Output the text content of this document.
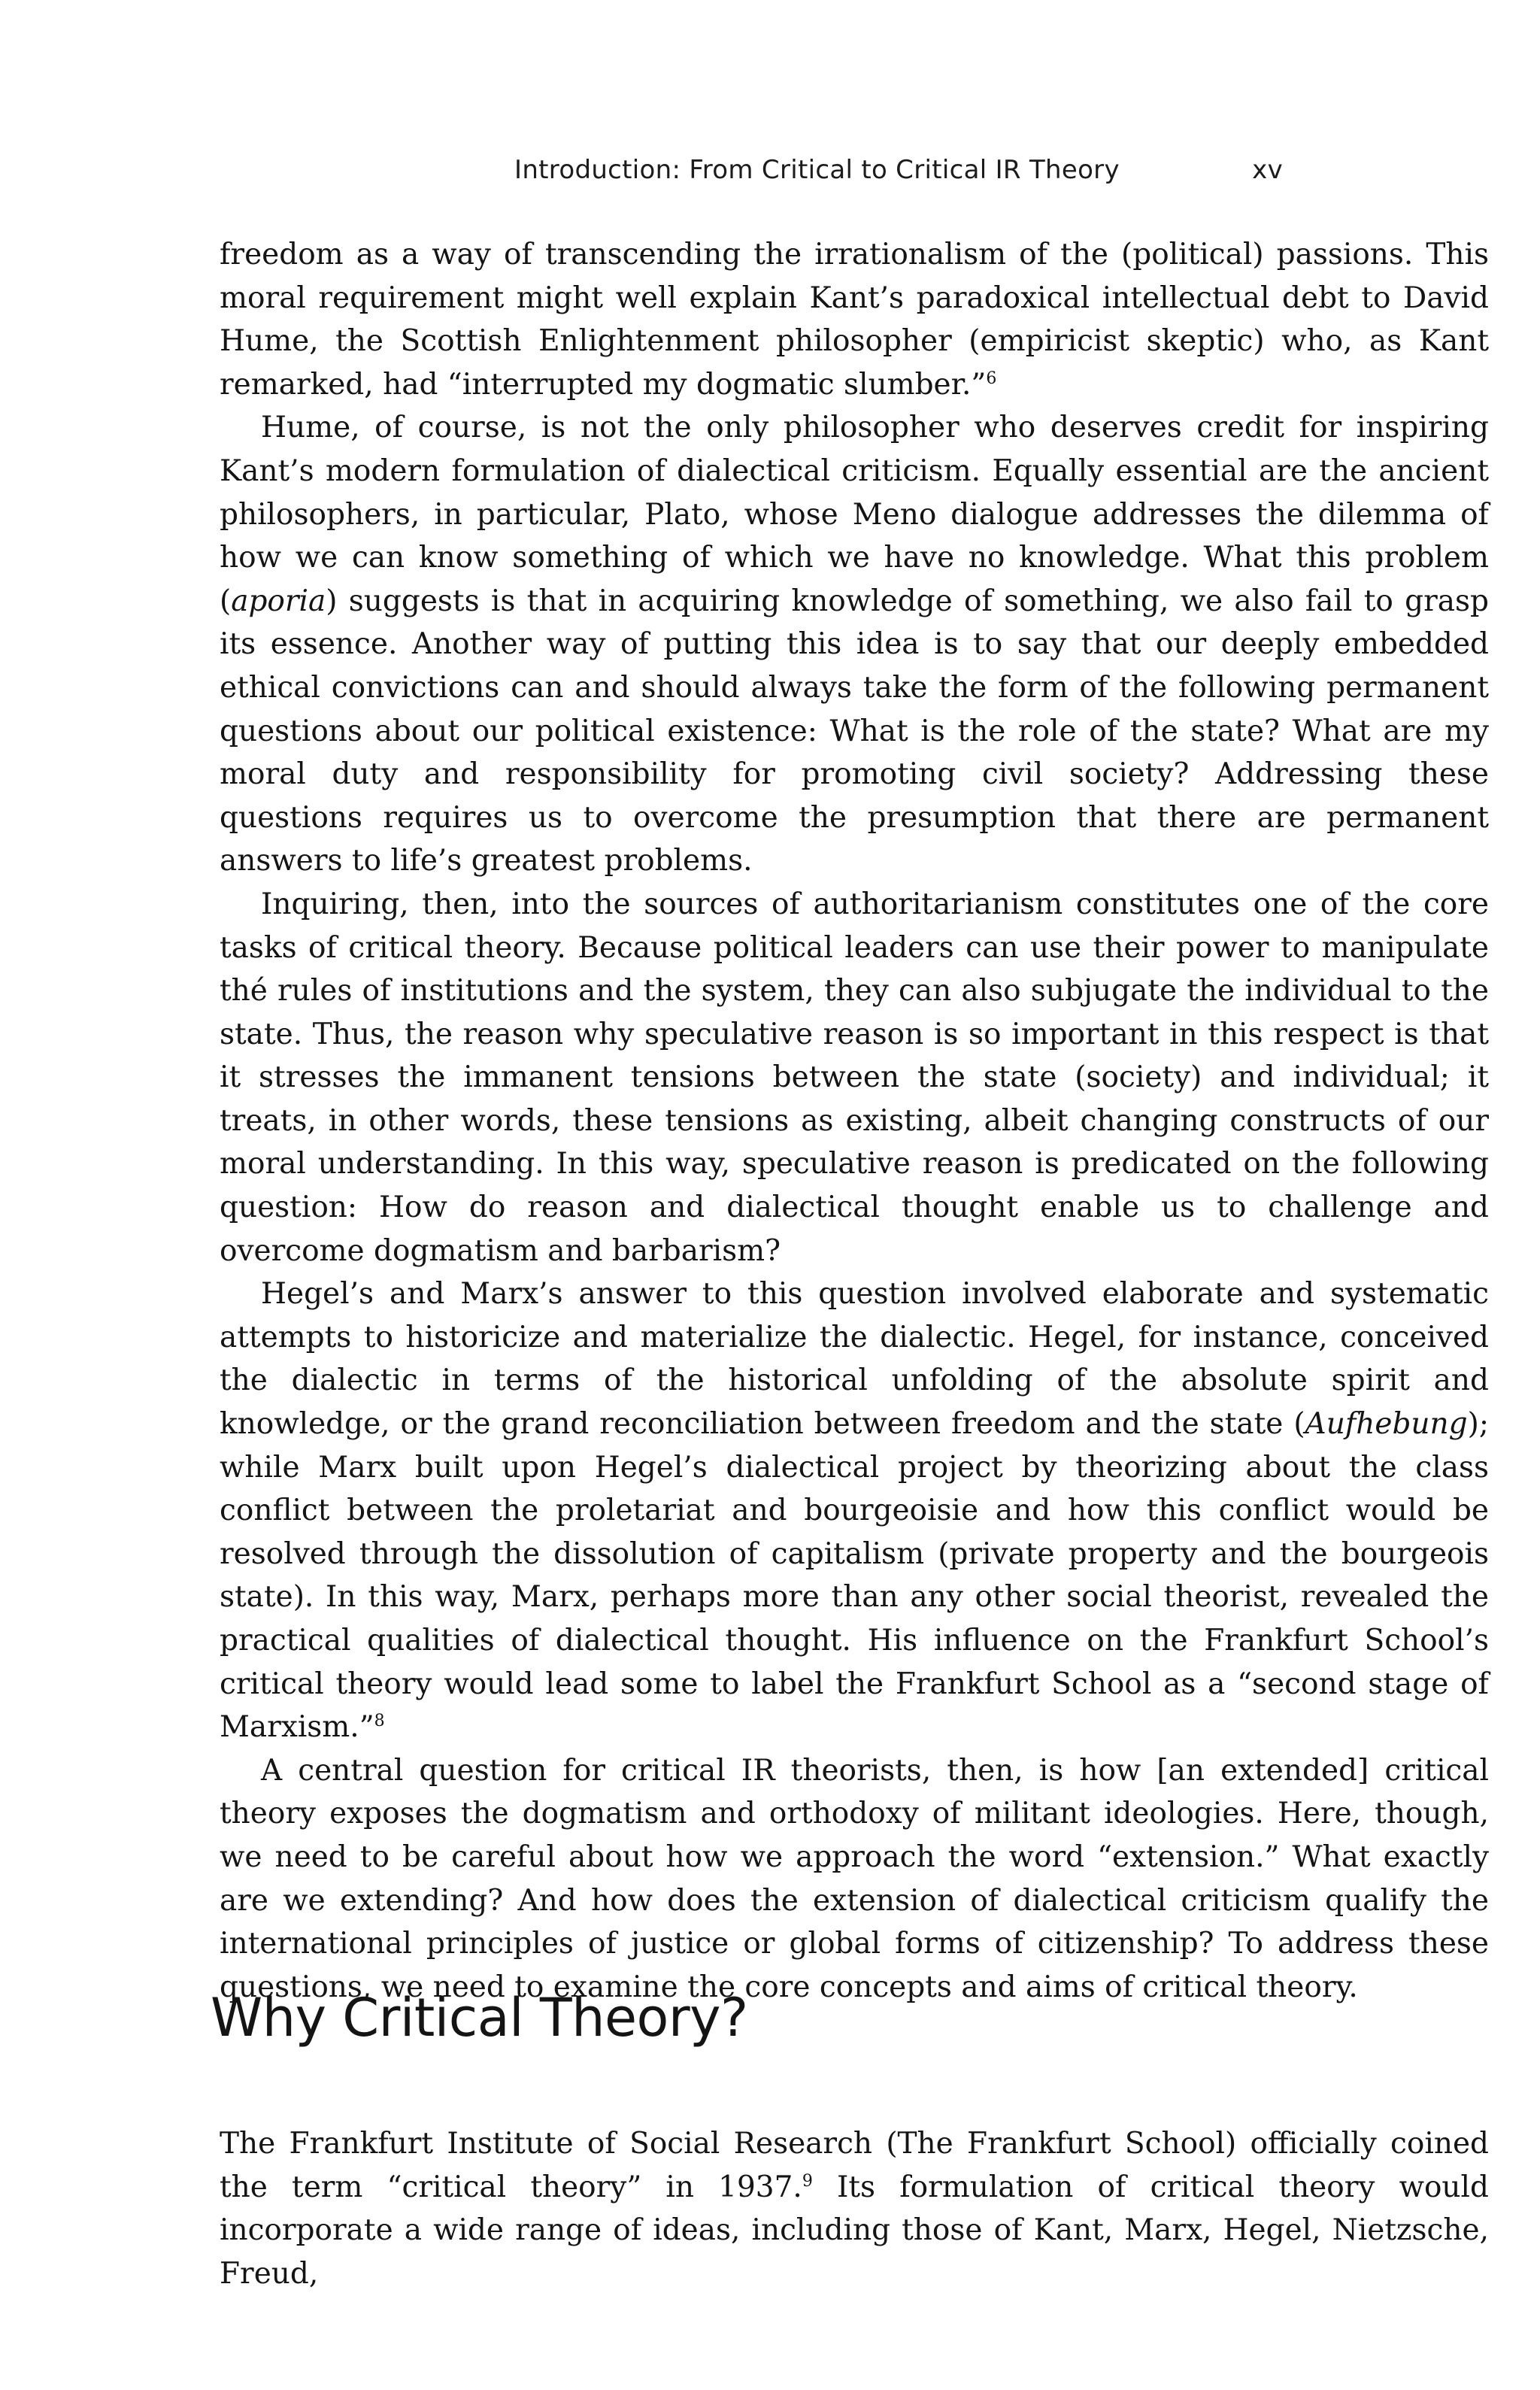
Introduction: From Critical to Critical IR Theory	xv

freedom as a way of transcending the irrationalism of the (political) passions. This moral requirement might well explain Kant’s paradoxical intellectual debt to David Hume, the Scottish Enlightenment philosopher (empiricist skeptic) who, as Kant remarked, had “interrupted my dogmatic slumber.”$^6$

Hume, of course, is not the only philosopher who deserves credit for inspiring Kant’s modern formulation of dialectical criticism. Equally essential are the ancient philosophers, in particular, Plato, whose Meno dialogue addresses the dilemma of how we can know something of which we have no knowledge. What this problem (aporia) suggests is that in acquiring knowledge of something, we also fail to grasp its essence. Another way of putting this idea is to say that our deeply embedded ethical convictions can and should always take the form of the following permanent questions about our political existence: What is the role of the state? What are my moral duty and responsibility for promoting civil society? Addressing these questions requires us to overcome the presumption that there are permanent answers to life’s greatest problems.

Inquiring, then, into the sources of authoritarianism constitutes one of the core tasks of critical theory. Because political leaders can use their power to manipulate thé rules of institutions and the system, they can also subjugate the individual to the state. Thus, the reason why speculative reason is so important in this respect is that it stresses the immanent tensions between the state (society) and individual; it treats, in other words, these tensions as existing, albeit changing constructs of our moral understanding. In this way, speculative reason is predicated on the following question: How do reason and dialectical thought enable us to challenge and overcome dogmatism and barbarism?

Hegel’s and Marx’s answer to this question involved elaborate and systematic attempts to historicize and materialize the dialectic. Hegel, for instance, conceived the dialectic in terms of the historical unfolding of the absolute spirit and knowledge, or the grand reconciliation between freedom and the state (Aufhebung); while Marx built upon Hegel’s dialectical project by theorizing about the class conflict between the proletariat and bourgeoisie and how this conflict would be resolved through the dissolution of capitalism (private property and the bourgeois state). In this way, Marx, perhaps more than any other social theorist, revealed the practical qualities of dialectical thought. His influence on the Frankfurt School’s critical theory would lead some to label the Frankfurt School as a “second stage of Marxism.”$^8$

A central question for critical IR theorists, then, is how [an extended] critical theory exposes the dogmatism and orthodoxy of militant ideologies. Here, though, we need to be careful about how we approach the word “extension.” What exactly are we extending? And how does the extension of dialectical criticism qualify the international principles of justice or global forms of citizenship? To address these questions, we need to examine the core concepts and aims of critical theory.

Why Critical Theory?

The Frankfurt Institute of Social Research (The Frankfurt School) officially coined the term “critical theory” in 1937.$^9$ Its formulation of critical theory would incorporate a wide range of ideas, including those of Kant, Marx, Hegel, Nietzsche, Freud,
